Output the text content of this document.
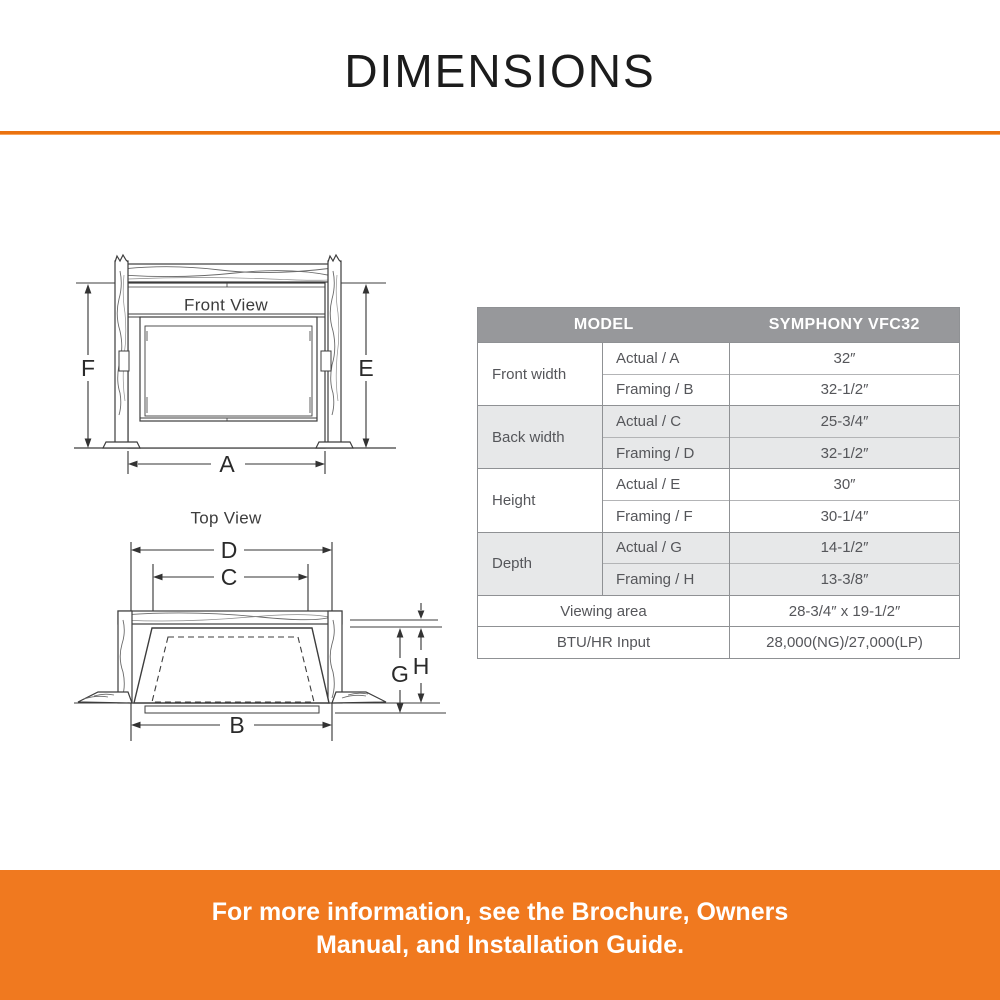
DIMENSIONS
F	E
A
Front View
Top View
D
C
H
G
B
MODEL		SYMPHONY VFC32
Front width	Actual / A	32″
	Framing / B	32-1/2″
Back width	Actual / C	25-3/4″
	Framing / D	32-1/2″
Height	Actual / E	30″
	Framing / F	30-1/4″
Depth	Actual / G	14-1/2″
	Framing / H	13-3/8″
Viewing area		28-3/4″ x 19-1/2″
BTU/HR Input		28,000(NG)/27,000(LP)
For more information, see the Brochure, Owners
Manual, and Installation Guide.
